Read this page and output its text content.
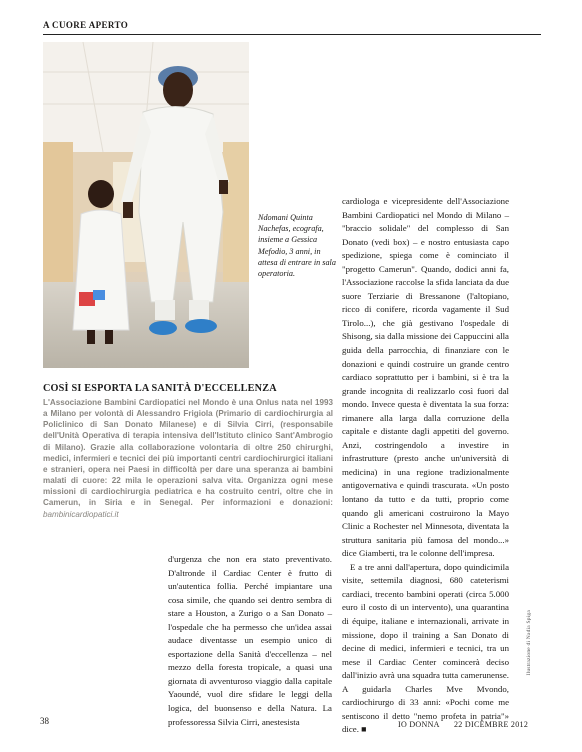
A CUORE APERTO
Ndomani Quinta Nachefas, ecografa, insieme a Gessica Mefodio, 3 anni, in attesa di entrare in sala operatoria.
COSÌ SI ESPORTA LA SANITÀ D'ECCELLENZA
L'Associazione Bambini Cardiopatici nel Mondo è una Onlus nata nel 1993 a Milano per volontà di Alessandro Frigiola (Primario di cardiochirurgia al Policlinico di San Donato Milanese) e di Silvia Cirri, (responsabile dell'Unità Operativa di terapia intensiva dell'Istituto clinico Sant'Ambrogio di Milano). Grazie alla collaborazione volontaria di oltre 250 chirurghi, medici, infermieri e tecnici dei più importanti centri cardiochirurgici italiani e stranieri, opera nei Paesi in difficoltà per dare una speranza ai bambini malati di cuore: 22 mila le operazioni salva vita. Organizza ogni mese missioni di cardiochirurgia pediatrica e ha costruito centri, oltre che in Camerun, in Siria e in Senegal. Per informazioni e donazioni: bambinicardiopatici.it

d'urgenza che non era stato preventivato. D'altronde il Cardiac Center è frutto di un'autentica follia. Perché impiantare una cosa simile, che quando sei dentro sembra di stare a Houston, a Zurigo o a San Donato – l'ospedale che ha permesso che un'idea assai audace diventasse un esempio unico di esportazione della Sanità d'eccellenza – nel mezzo della foresta tropicale, a quasi una giornata di avventuroso viaggio dalla capitale Yaoundé, vuol dire sfidare le leggi della logica, del buonsenso e della Natura. La professoressa Silvia Cirri, anestesista

cardiologa e vicepresidente dell'Associazione Bambini Cardiopatici nel Mondo di Milano – "braccio solidale" del complesso di San Donato (vedi box) – e nostro entusiasta capo spedizione, spiega come è cominciato il "progetto Camerun". Quando, dodici anni fa, l'Associazione raccolse la sfida lanciata da due suore Terziarie di Bressanone (l'altopiano, ricco di conifere, ricorda vagamente il Sud Tirolo...), che già gestivano l'ospedale di Shisong, sia dalla missione dei Cappuccini alla guida della parrocchia, di finanziare con le donazioni e quindi costruire un grande centro cardiaco soprattutto per i bambini, si è tra la grande incognita di realizzarlo così fuori dal mondo. Invece questa è diventata la sua forza: rimanere alla larga dalla corruzione della capitale e distante dagli appetiti del governo. Anzi, costringendolo a investire in infrastrutture (presto anche un'università di medicina) in una regione tradizionalmente antigovernativa e quindi trascurata. «Un posto lontano da tutto e da tutti, proprio come quando gli americani costruirono la Mayo Clinic a Rochester nel Minnesota, diventata la struttura sanitaria più famosa del mondo...» dice Giamberti, tra le colonne dell'impresa.

E a tre anni dall'apertura, dopo quindicimila visite, settemila diagnosi, 680 cateterismi cardiaci, trecento bambini operati (circa 5.000 euro il costo di un intervento), una quarantina di équipe, italiane e internazionali, arrivate in missione, dopo il training a San Donato di decine di medici, infermieri e tecnici, tra un mese il Cardiac Center comincerà deciso dall'inizio avrà una squadra tutta camerunense. A guidarla Charles Mve Mvondo, cardiochirurgo di 33 anni: «Pochi come me sentiscono il detto "nemo profeta in patria"» dice. ■

Ilustrazione di Nadia Spiga
38	IO DONNA 22 DICEMBRE 2012
